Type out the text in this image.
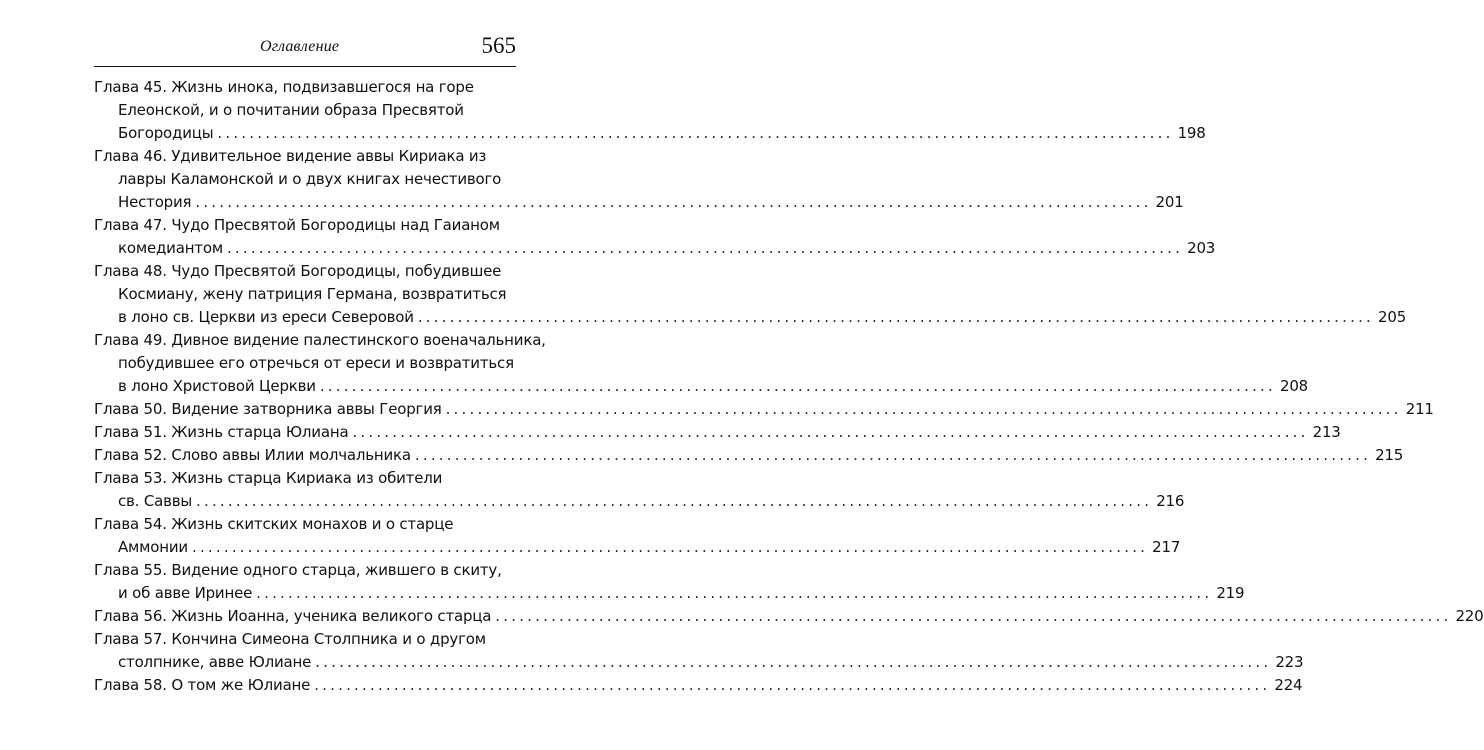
Оглавление	565
Глава 45. Жизнь инока, подвизавшегося на горе
Елеонской, и о почитании образа Пресвятой
Богородицы ........................................................................................................................ 198
Глава 46. Удивительное видение аввы Кириака из
лавры Каламонской и о двух книгах нечестивого
Нестория ........................................................................................................................ 201
Глава 47. Чудо Пресвятой Богородицы над Гаианом
комедиантом ........................................................................................................................ 203
Глава 48. Чудо Пресвятой Богородицы, побудившее
Космиану, жену патриция Германа, возвратиться
в лоно св. Церкви из ереси Северовой ........................................................................................................................ 205
Глава 49. Дивное видение палестинского военачальника,
побудившее его отречься от ереси и возвратиться
в лоно Христовой Церкви ........................................................................................................................ 208
Глава 50. Видение затворника аввы Георгия ........................................................................................................................ 211
Глава 51. Жизнь старца Юлиана ........................................................................................................................ 213
Глава 52. Слово аввы Илии молчальника ........................................................................................................................ 215
Глава 53. Жизнь старца Кириака из обители
св. Саввы ........................................................................................................................ 216
Глава 54. Жизнь скитских монахов и о старце
Аммонии ........................................................................................................................ 217
Глава 55. Видение одного старца, жившего в скиту,
и об авве Иринее ........................................................................................................................ 219
Глава 56. Жизнь Иоанна, ученика великого старца ........................................................................................................................ 220
Глава 57. Кончина Симеона Столпника и о другом
столпнике, авве Юлиане ........................................................................................................................ 223
Глава 58. О том же Юлиане ........................................................................................................................ 224
